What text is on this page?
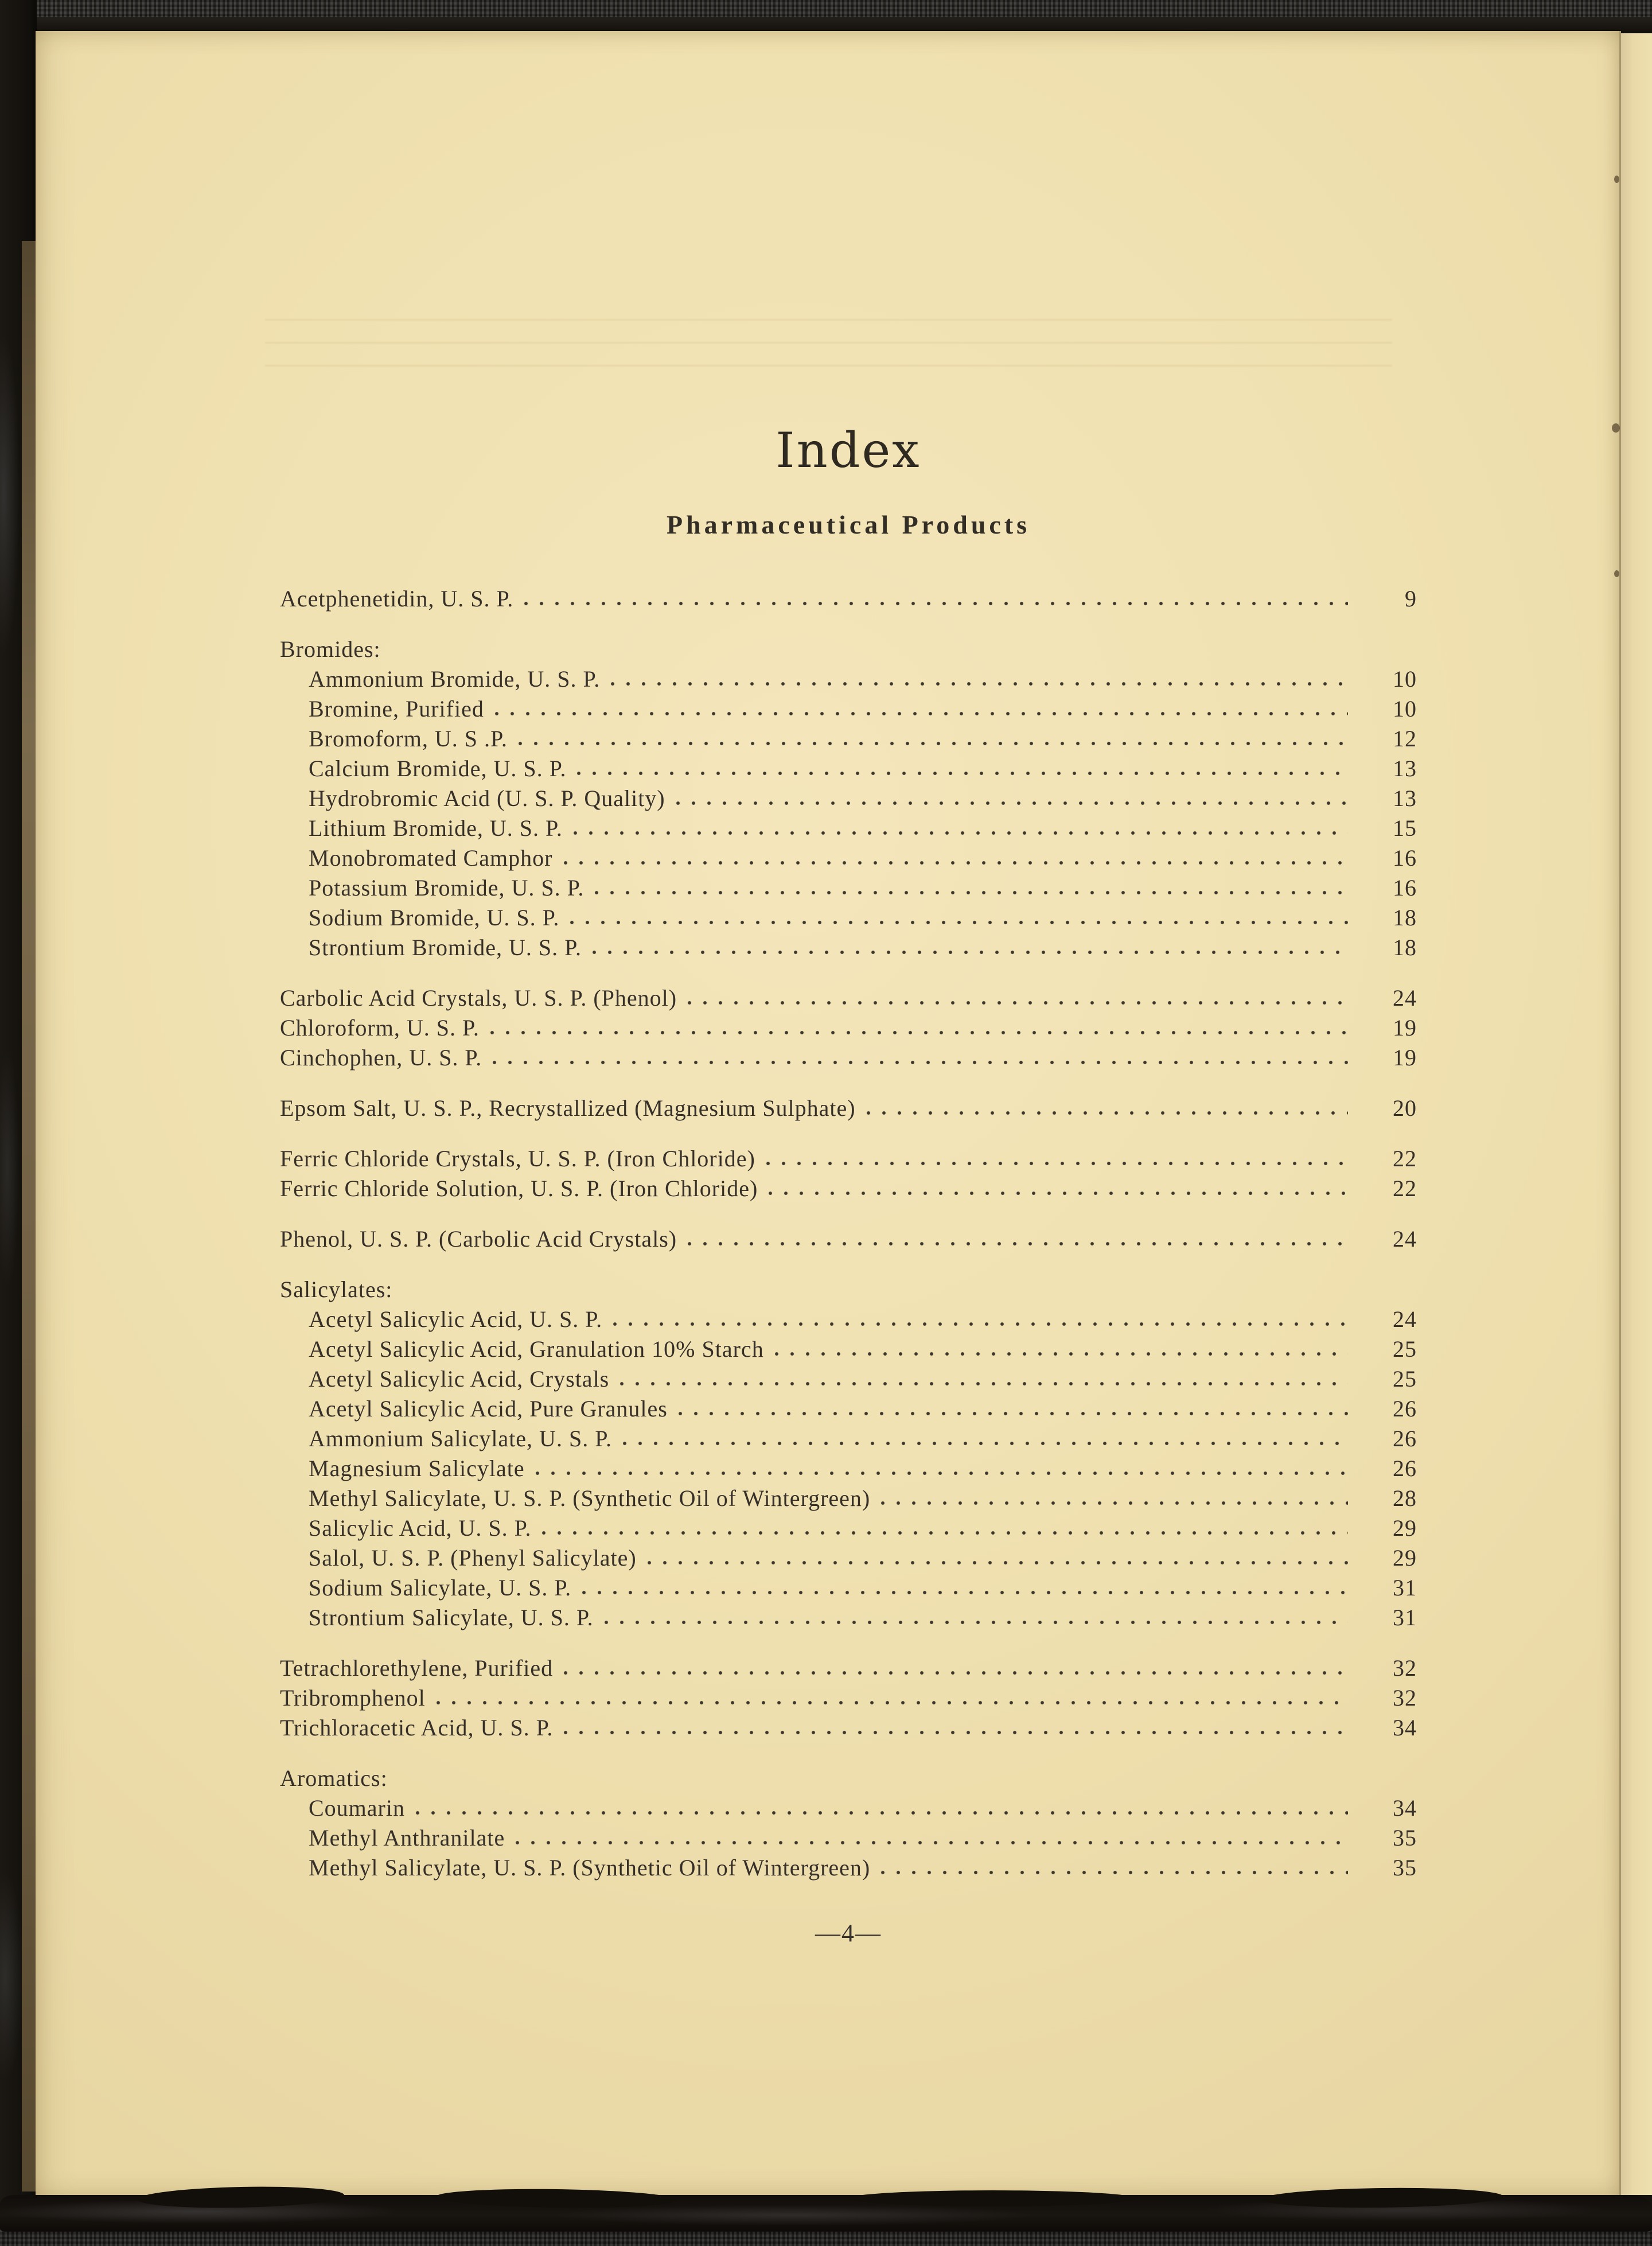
Index
Pharmaceutical Products
Acetphenetidin, U. S. P.	9
Bromides:
Ammonium Bromide, U. S. P.	10
Bromine, Purified	10
Bromoform, U. S .P.	12
Calcium Bromide, U. S. P.	13
Hydrobromic Acid (U. S. P. Quality)	13
Lithium Bromide, U. S. P.	15
Monobromated Camphor	16
Potassium Bromide, U. S. P.	16
Sodium Bromide, U. S. P.	18
Strontium Bromide, U. S. P.	18
Carbolic Acid Crystals, U. S. P. (Phenol)	24
Chloroform, U. S. P.	19
Cinchophen, U. S. P.	19
Epsom Salt, U. S. P., Recrystallized (Magnesium Sulphate)	20
Ferric Chloride Crystals, U. S. P. (Iron Chloride)	22
Ferric Chloride Solution, U. S. P. (Iron Chloride)	22
Phenol, U. S. P. (Carbolic Acid Crystals)	24
Salicylates:
Acetyl Salicylic Acid, U. S. P.	24
Acetyl Salicylic Acid, Granulation 10% Starch	25
Acetyl Salicylic Acid, Crystals	25
Acetyl Salicylic Acid, Pure Granules	26
Ammonium Salicylate, U. S. P.	26
Magnesium Salicylate	26
Methyl Salicylate, U. S. P. (Synthetic Oil of Wintergreen)	28
Salicylic Acid, U. S. P.	29
Salol, U. S. P. (Phenyl Salicylate)	29
Sodium Salicylate, U. S. P.	31
Strontium Salicylate, U. S. P.	31
Tetrachlorethylene, Purified	32
Tribromphenol	32
Trichloracetic Acid, U. S. P.	34
Aromatics:
Coumarin	34
Methyl Anthranilate	35
Methyl Salicylate, U. S. P. (Synthetic Oil of Wintergreen)	35
—4—
